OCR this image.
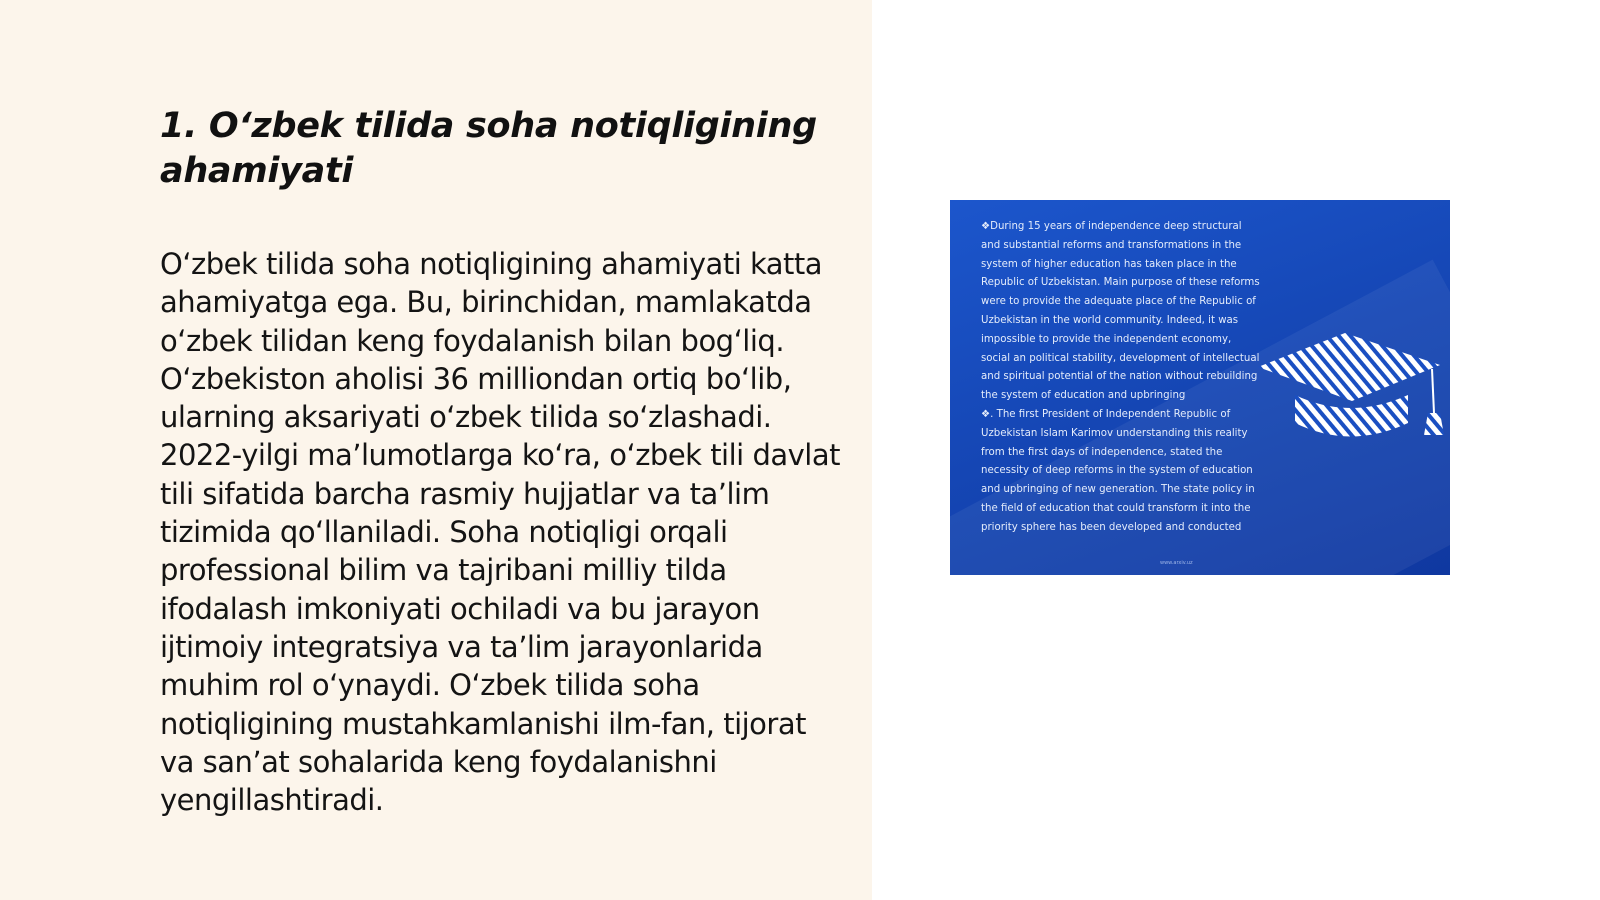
1. O‘zbek tilida soha notiqligining ahamiyati

O‘zbek tilida soha notiqligining ahamiyati katta ahamiyatga ega. Bu, birinchidan, mamlakatda o‘zbek tilidan keng foydalanish bilan bog‘liq. O‘zbekiston aholisi 36 milliondan ortiq bo‘lib, ularning aksariyati o‘zbek tilida so‘zlashadi. 2022-yilgi ma’lumotlarga ko‘ra, o‘zbek tili davlat tili sifatida barcha rasmiy hujjatlar va ta’lim tizimida qo‘llaniladi. Soha notiqligi orqali professional bilim va tajribani milliy tilda ifodalash imkoniyati ochiladi va bu jarayon ijtimoiy integratsiya va ta’lim jarayonlarida muhim rol o‘ynaydi. O‘zbek tilida soha notiqligining mustahkamlanishi ilm-fan, tijorat va san’at sohalarida keng foydalanishni yengillashtiradi.

❖During 15 years of independence deep structural and substantial reforms and transformations in the system of higher education has taken place in the Republic of Uzbekistan. Main purpose of these reforms were to provide the adequate place of the Republic of Uzbekistan in the world community. Indeed, it was impossible to provide the independent economy, social an political stability, development of intellectual and spiritual potential of the nation without rebuilding the system of education and upbringing

❖. The first President of Independent Republic of Uzbekistan Islam Karimov understanding this reality from the first days of independence, stated the necessity of deep reforms in the system of education and upbringing of new generation. The state policy in the field of education that could transform it into the priority sphere has been developed and conducted

www.arxiv.uz
